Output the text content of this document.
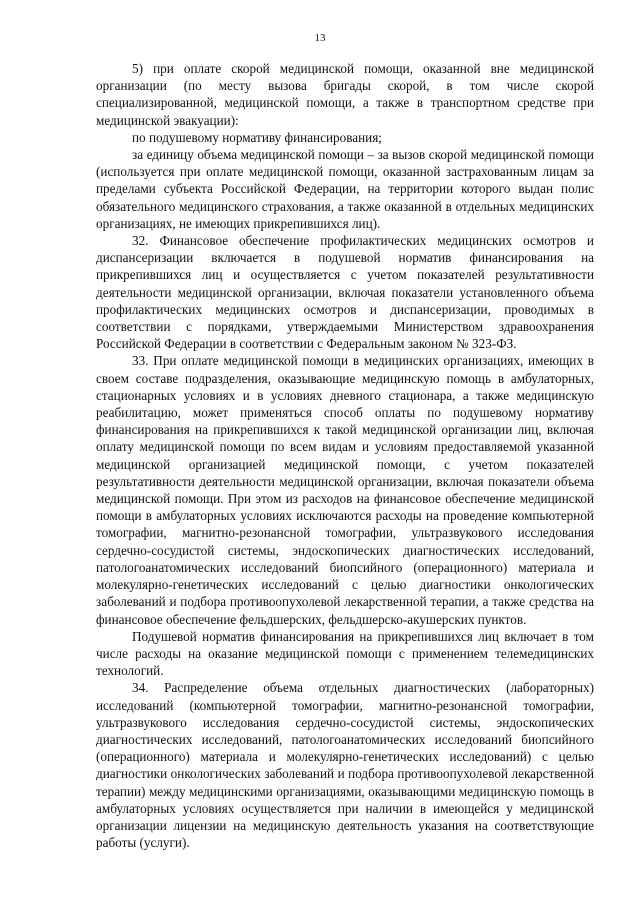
13

5) при оплате скорой медицинской помощи, оказанной вне медицинской организации (по месту вызова бригады скорой, в том числе скорой специализированной, медицинской помощи, а также в транспортном средстве при медицинской эвакуации):

по подушевому нормативу финансирования;

за единицу объема медицинской помощи – за вызов скорой медицинской помощи (используется при оплате медицинской помощи, оказанной застрахованным лицам за пределами субъекта Российской Федерации, на территории которого выдан полис обязательного медицинского страхования, а также оказанной в отдельных медицинских организациях, не имеющих прикрепившихся лиц).

32. Финансовое обеспечение профилактических медицинских осмотров и диспансеризации включается в подушевой норматив финансирования на прикрепившихся лиц и осуществляется с учетом показателей результативности деятельности медицинской организации, включая показатели установленного объема профилактических медицинских осмотров и диспансеризации, проводимых в соответствии с порядками, утверждаемыми Министерством здравоохранения Российской Федерации в соответствии с Федеральным законом № 323-ФЗ.

33. При оплате медицинской помощи в медицинских организациях, имеющих в своем составе подразделения, оказывающие медицинскую помощь в амбулаторных, стационарных условиях и в условиях дневного стационара, а также медицинскую реабилитацию, может применяться способ оплаты по подушевому нормативу финансирования на прикрепившихся к такой медицинской организации лиц, включая оплату медицинской помощи по всем видам и условиям предоставляемой указанной медицинской организацией медицинской помощи, с учетом показателей результативности деятельности медицинской организации, включая показатели объема медицинской помощи. При этом из расходов на финансовое обеспечение медицинской помощи в амбулаторных условиях исключаются расходы на проведение компьютерной томографии, магнитно-резонансной томографии, ультразвукового исследования сердечно-сосудистой системы, эндоскопических диагностических исследований, патологоанатомических исследований биопсийного (операционного) материала и молекулярно-генетических исследований с целью диагностики онкологических заболеваний и подбора противоопухолевой лекарственной терапии, а также средства на финансовое обеспечение фельдшерских, фельдшерско-акушерских пунктов.

Подушевой норматив финансирования на прикрепившихся лиц включает в том числе расходы на оказание медицинской помощи с применением телемедицинских технологий.

34. Распределение объема отдельных диагностических (лабораторных) исследований (компьютерной томографии, магнитно-резонансной томографии, ультразвукового исследования сердечно-сосудистой системы, эндоскопических диагностических исследований, патологоанатомических исследований биопсийного (операционного) материала и молекулярно-генетических исследований) с целью диагностики онкологических заболеваний и подбора противоопухолевой лекарственной терапии) между медицинскими организациями, оказывающими медицинскую помощь в амбулаторных условиях осуществляется при наличии в имеющейся у медицинской организации лицензии на медицинскую деятельность указания на соответствующие работы (услуги).
